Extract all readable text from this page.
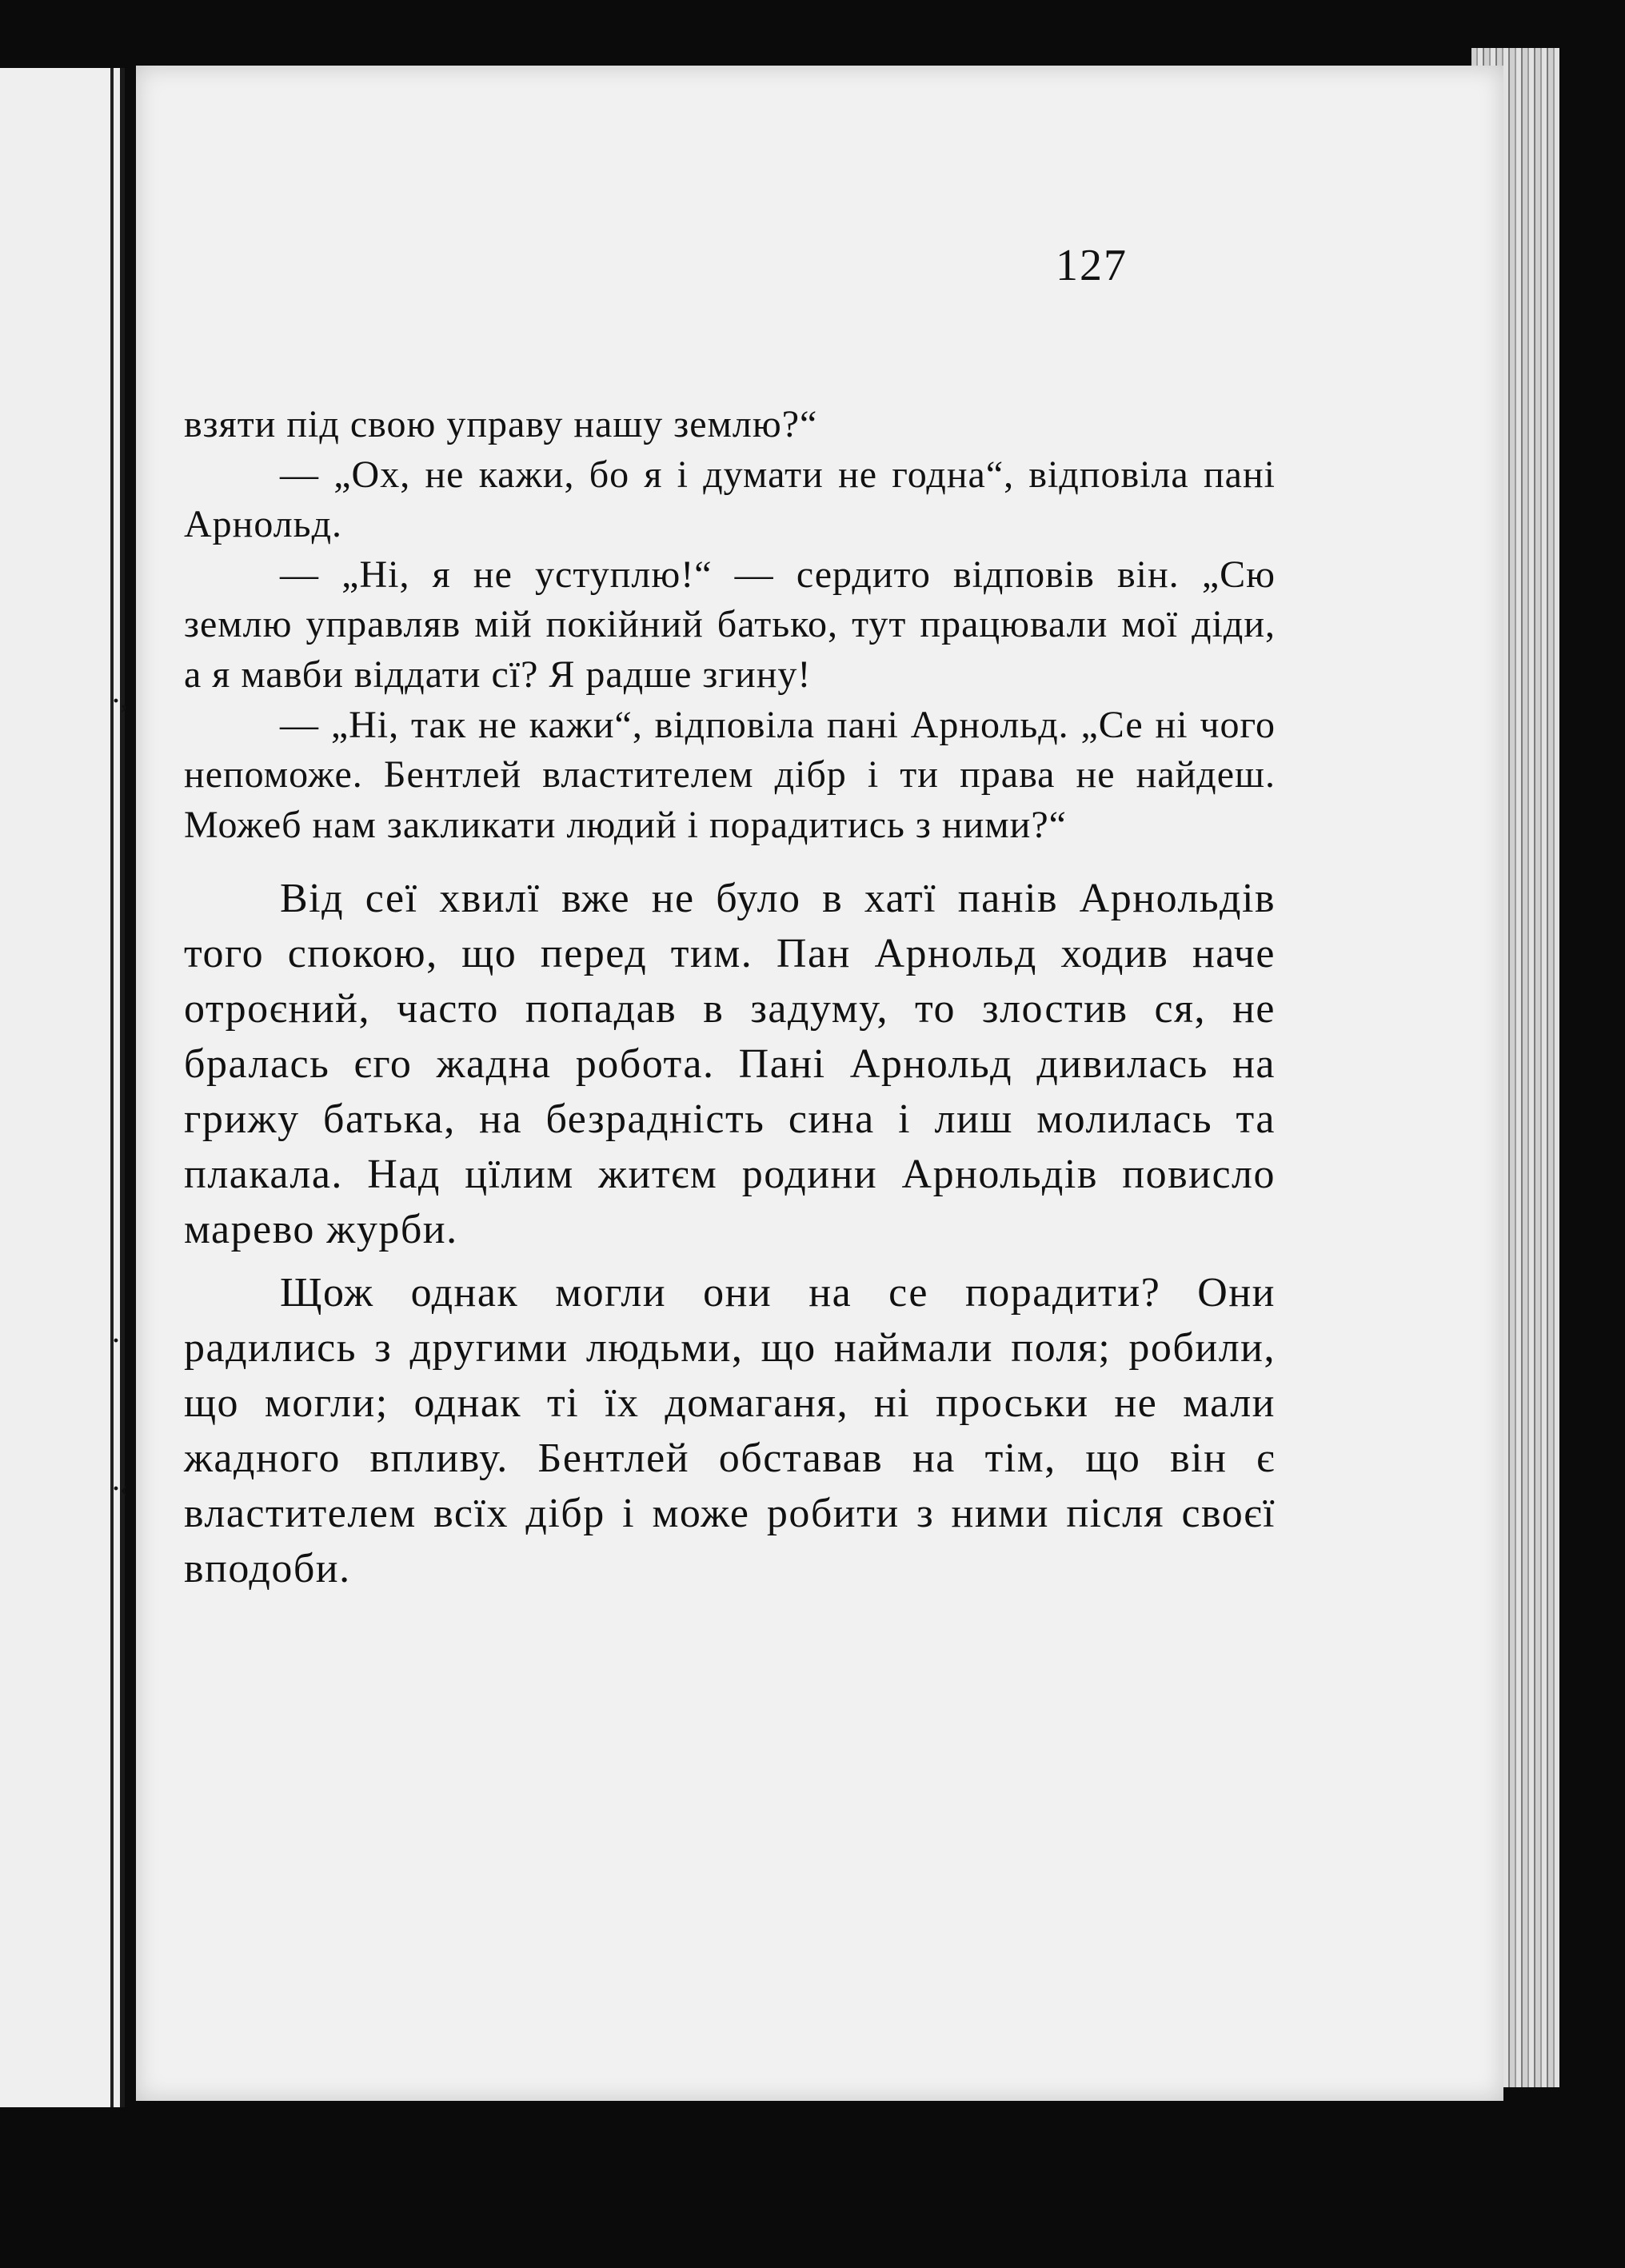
·‚
·
·‹
127

взяти під свою управу нашу землю?“

— „Ох, не кажи, бо я і думати не годна“, відповіла пані Арнольд.

— „Ні, я не уступлю!“ — сердито відповів він. „Сю землю управляв мій покійний батько, тут працювали мої діди, а я мавби віддати сї? Я радше згину!

— „Ні, так не кажи“, відповіла пані Арнольд. „Се ні чого непоможе. Бентлей властителем дібр і ти права не найдеш. Можеб нам закликати людий і порадитись з ними?“

Від сеї хвилї вже не було в хатї панів Арнольдів того спокою, що перед тим. Пан Арнольд ходив наче отроєний, часто попадав в задуму, то злостив ся, не бралась єго жадна робота. Пані Арнольд дивилась на грижу батька, на безрадність сина і лиш молилась та плакала. Над цїлим житєм родини Арнольдів повисло марево журби.

Щож однак могли они на се порадити? Они радились з другими людьми, що наймали поля; робили, що могли; однак ті їх домаганя, ні проськи не мали жадного впливу. Бентлей обставав на тім, що він є властителем всїх дібр і може робити з ними після своєї вподоби.
